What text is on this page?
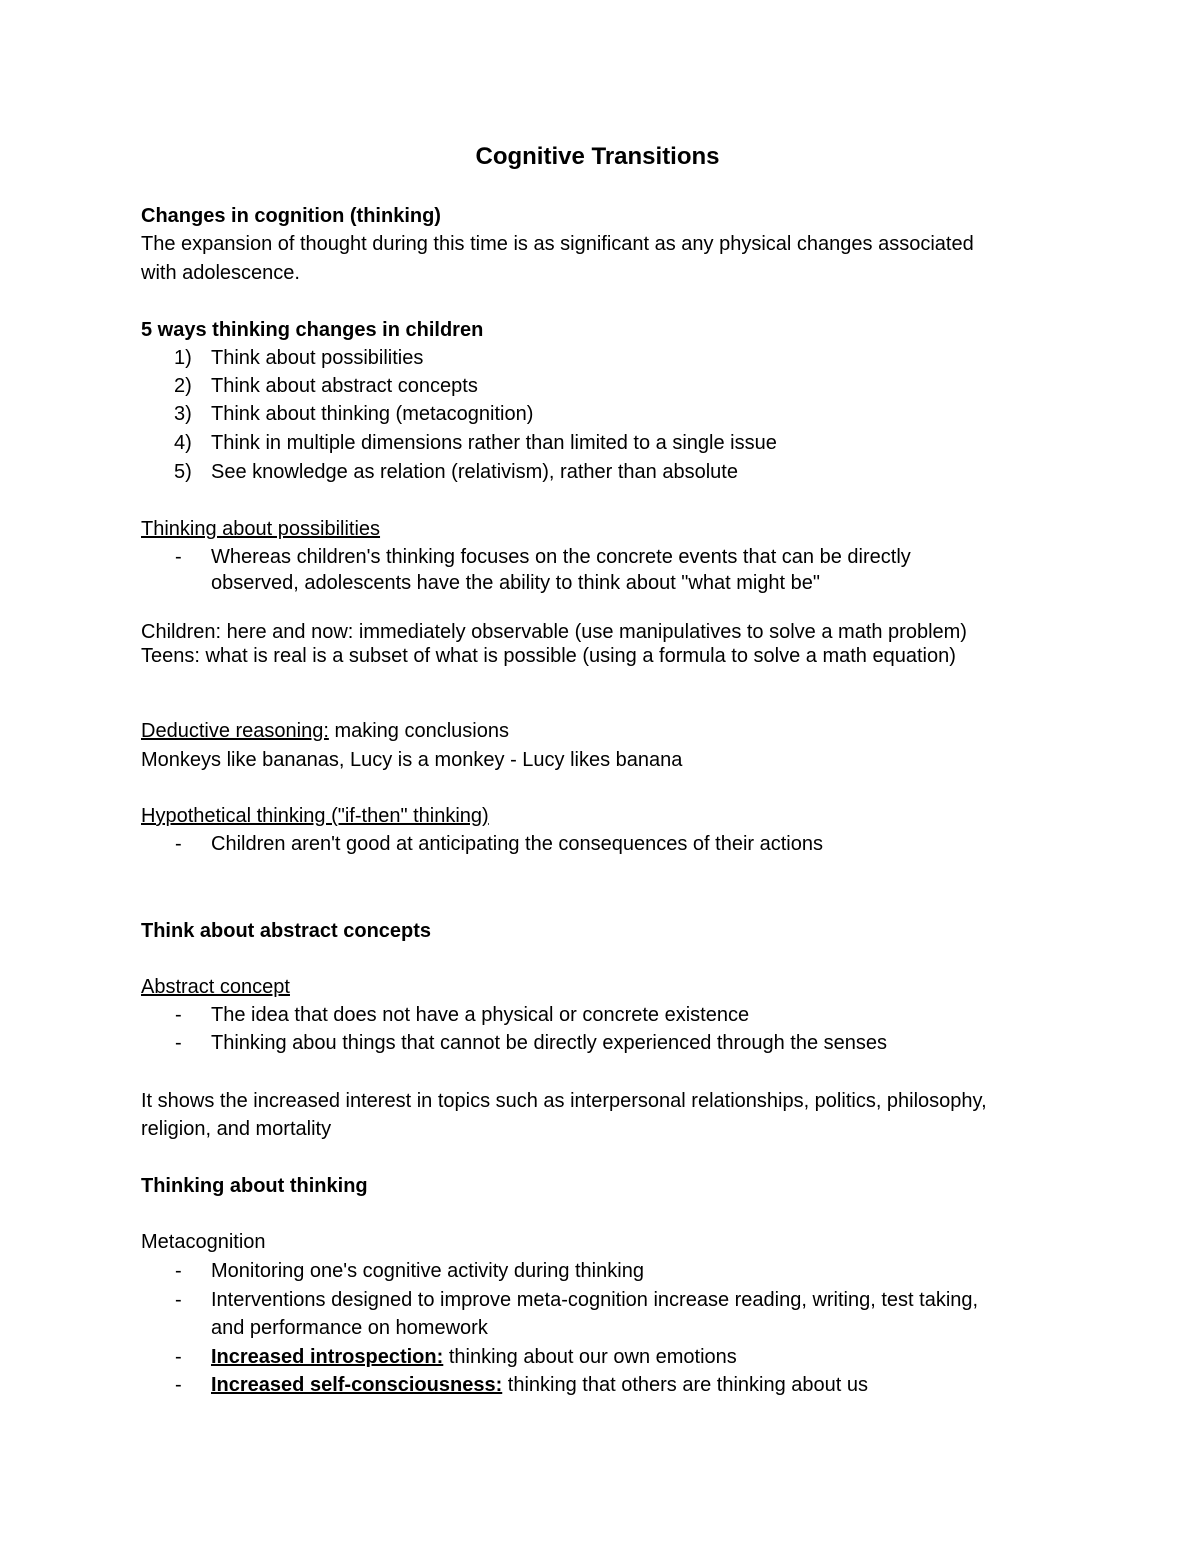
Cognitive Transitions
Changes in cognition (thinking)
The expansion of thought during this time is as significant as any physical changes associated
with adolescence.
5 ways thinking changes in children
1) Think about possibilities
2) Think about abstract concepts
3) Think about thinking (metacognition)
4) Think in multiple dimensions rather than limited to a single issue
5) See knowledge as relation (relativism), rather than absolute
Thinking about possibilities
- Whereas children's thinking focuses on the concrete events that can be directly
observed, adolescents have the ability to think about "what might be"
Children: here and now: immediately observable (use manipulatives to solve a math problem)
Teens: what is real is a subset of what is possible (using a formula to solve a math equation)
Deductive reasoning: making conclusions
Monkeys like bananas, Lucy is a monkey - Lucy likes banana
Hypothetical thinking ("if-then" thinking)
- Children aren't good at anticipating the consequences of their actions
Think about abstract concepts
Abstract concept
- The idea that does not have a physical or concrete existence
- Thinking abou things that cannot be directly experienced through the senses
It shows the increased interest in topics such as interpersonal relationships, politics, philosophy,
religion, and mortality
Thinking about thinking
Metacognition
- Monitoring one's cognitive activity during thinking
- Interventions designed to improve meta-cognition increase reading, writing, test taking,
and performance on homework
- Increased introspection: thinking about our own emotions
- Increased self-consciousness: thinking that others are thinking about us
